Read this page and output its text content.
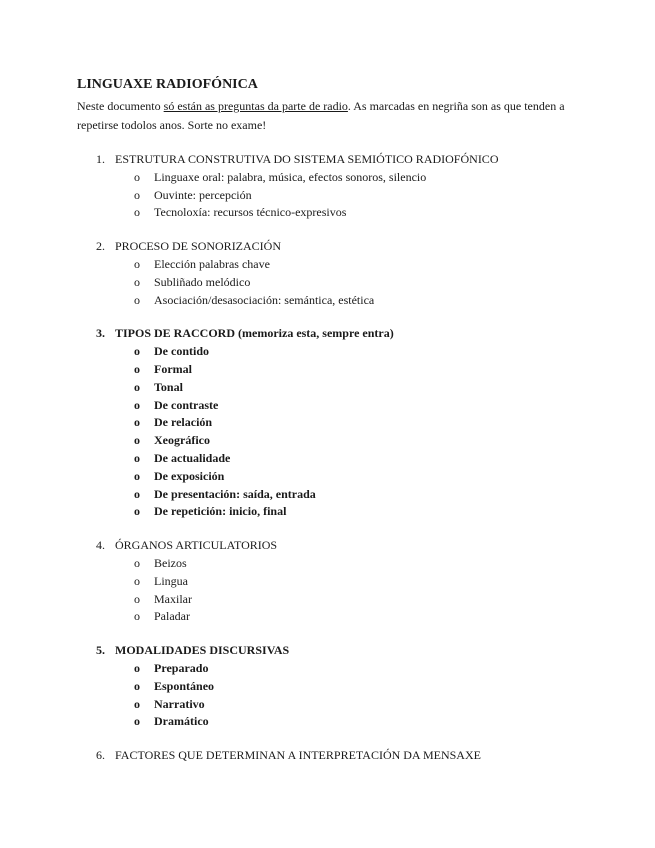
LINGUAXE RADIOFÓNICA

Neste documento só están as preguntas da parte de radio. As marcadas en negriña son as que tenden a repetirse todolos anos. Sorte no exame!

1. ESTRUTURA CONSTRUTIVA DO SISTEMA SEMIÓTICO RADIOFÓNICO
o Linguaxe oral: palabra, música, efectos sonoros, silencio
o Ouvinte: percepción
o Tecnoloxía: recursos técnico-expresivos
2. PROCESO DE SONORIZACIÓN
o Elección palabras chave
o Subliñado melódico
o Asociación/desasociación: semántica, estética
3. TIPOS DE RACCORD (memoriza esta, sempre entra)
o De contido
o Formal
o Tonal
o De contraste
o De relación
o Xeográfico
o De actualidade
o De exposición
o De presentación: saída, entrada
o De repetición: inicio, final
4. ÓRGANOS ARTICULATORIOS
o Beizos
o Lingua
o Maxilar
o Paladar
5. MODALIDADES DISCURSIVAS
o Preparado
o Espontáneo
o Narrativo
o Dramático
6. FACTORES QUE DETERMINAN A INTERPRETACIÓN DA MENSAXE
